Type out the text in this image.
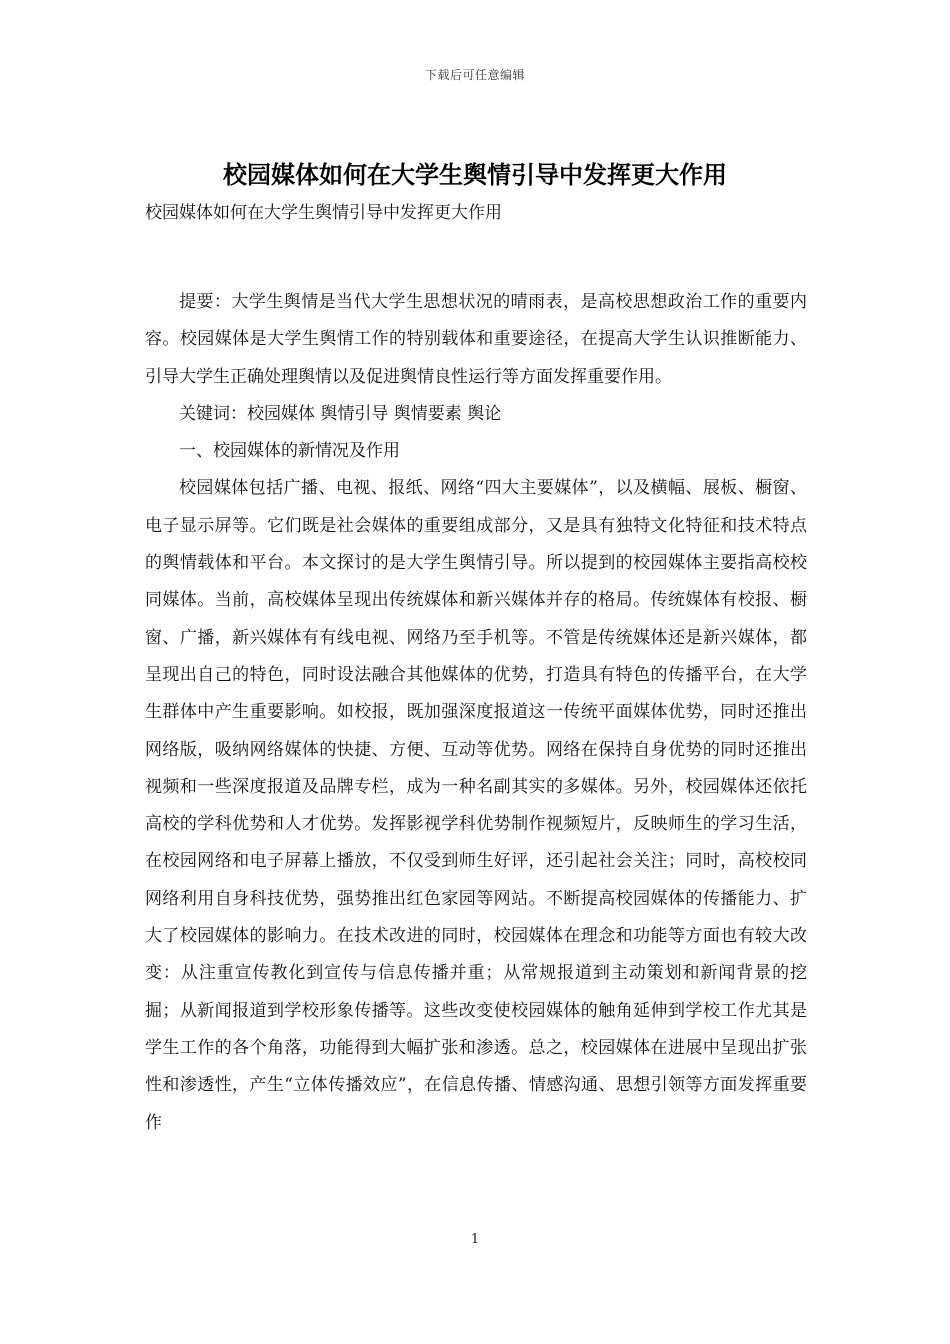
下载后可任意编辑
校园媒体如何在大学生舆情引导中发挥更大作用

校园媒体如何在大学生舆情引导中发挥更大作用

提要：大学生舆情是当代大学生思想状况的晴雨表，是高校思想政治工作的重要内容。校园媒体是大学生舆情工作的特别载体和重要途径，在提高大学生认识推断能力、引导大学生正确处理舆情以及促进舆情良性运行等方面发挥重要作用。

关键词：校园媒体 舆情引导 舆情要素 舆论

一、校园媒体的新情况及作用

校园媒体包括广播、电视、报纸、网络“四大主要媒体”，以及横幅、展板、橱窗、电子显示屏等。它们既是社会媒体的重要组成部分，又是具有独特文化特征和技术特点的舆情载体和平台。本文探讨的是大学生舆情引导。所以提到的校园媒体主要指高校校同媒体。当前，高校媒体呈现出传统媒体和新兴媒体并存的格局。传统媒体有校报、橱窗、广播，新兴媒体有有线电视、网络乃至手机等。不管是传统媒体还是新兴媒体，都呈现出自己的特色，同时设法融合其他媒体的优势，打造具有特色的传播平台，在大学生群体中产生重要影响。如校报，既加强深度报道这一传统平面媒体优势，同时还推出网络版，吸纳网络媒体的快捷、方便、互动等优势。网络在保持自身优势的同时还推出视频和一些深度报道及品牌专栏，成为一种名副其实的多媒体。另外，校园媒体还依托高校的学科优势和人才优势。发挥影视学科优势制作视频短片，反映师生的学习生活，在校园网络和电子屏幕上播放，不仅受到师生好评，还引起社会关注；同时，高校校同网络利用自身科技优势，强势推出红色家园等网站。不断提高校园媒体的传播能力、扩大了校园媒体的影响力。在技术改进的同时，校园媒体在理念和功能等方面也有较大改变：从注重宣传教化到宣传与信息传播并重；从常规报道到主动策划和新闻背景的挖掘；从新闻报道到学校形象传播等。这些改变使校园媒体的触角延伸到学校工作尤其是学生工作的各个角落，功能得到大幅扩张和渗透。总之，校园媒体在进展中呈现出扩张性和渗透性，产生“立体传播效应”，在信息传播、情感沟通、思想引领等方面发挥重要作

1
